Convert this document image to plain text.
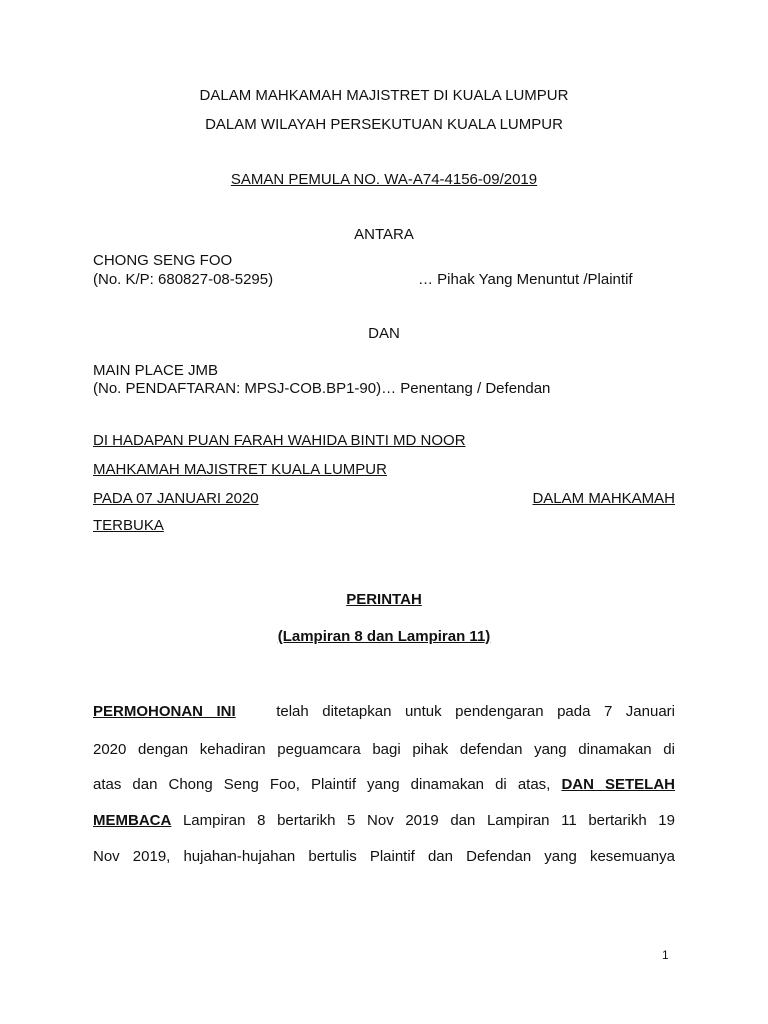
DALAM MAHKAMAH MAJISTRET DI KUALA LUMPUR
DALAM WILAYAH PERSEKUTUAN KUALA LUMPUR
SAMAN PEMULA NO. WA-A74-4156-09/2019
ANTARA
CHONG SENG FOO
(No. K/P: 680827-08-5295)	… Pihak Yang Menuntut /Plaintif
DAN
MAIN PLACE JMB
(No. PENDAFTARAN: MPSJ-COB.BP1-90)… Penentang / Defendan
DI HADAPAN PUAN FARAH WAHIDA BINTI MD NOOR
MAHKAMAH MAJISTRET KUALA LUMPUR
PADA 07 JANUARI 2020	DALAM MAHKAMAH
TERBUKA
PERINTAH
(Lampiran 8 dan Lampiran 11)
PERMOHONAN INI	telah ditetapkan untuk pendengaran pada 7 Januari
2020 dengan kehadiran peguamcara bagi pihak defendan yang dinamakan di
atas dan Chong Seng Foo, Plaintif yang dinamakan di atas, DAN SETELAH
MEMBACA Lampiran 8 bertarikh 5 Nov 2019 dan Lampiran 11 bertarikh 19
Nov 2019, hujahan-hujahan bertulis Plaintif dan Defendan yang kesemuanya
1
